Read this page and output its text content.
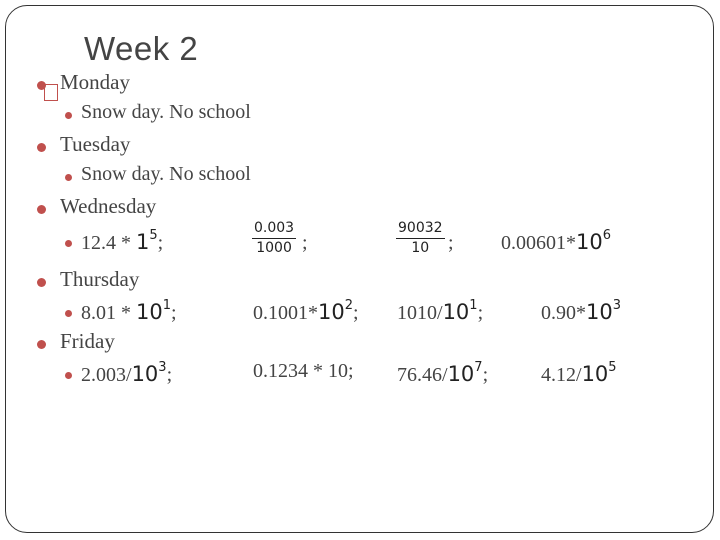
Week 2
Monday
Snow day. No school
Tuesday
Snow day. No school
Wednesday
$12.4 * 1^5$;	$\frac{0.003}{1000}$ ;	$\frac{90032}{10}$ ; $0.00601*10^6$
Thursday
$8.01 * 10^1$;	$0.1001*10^2$; $1010/10^1$;	$0.90*10^3$
Friday
$2.003/10^3$;	0.1234 * 10; $76.46/10^7$;	$4.12/10^5$
